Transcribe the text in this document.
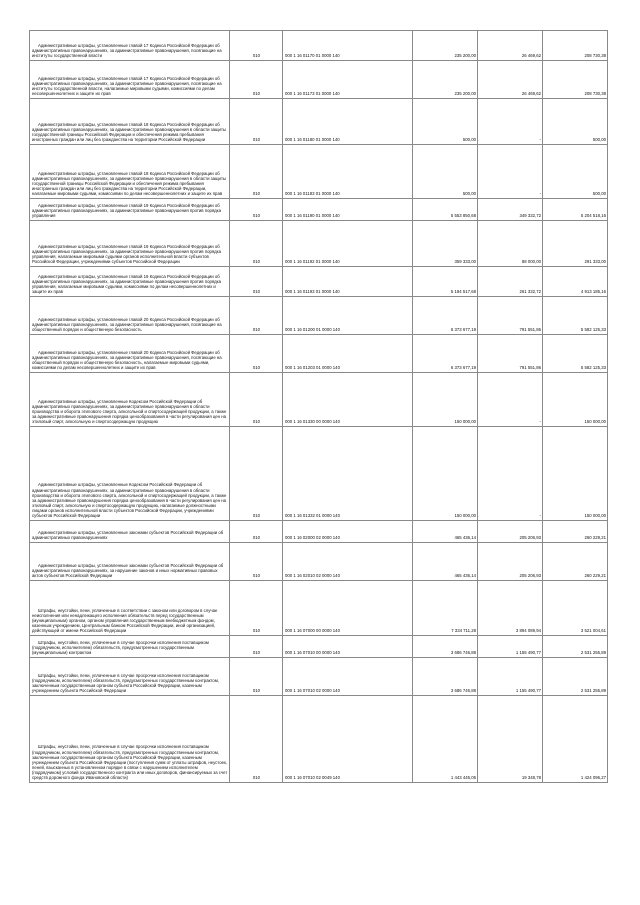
Административные штрафы, установленные главой 17 Кодекса Российской Федерации об административных правонарушениях, за административные правонарушения, посягающие на институты государственной власти	010	000 1 16 01170 01 0000 140	235 200,00	26 469,62	208 730,38
Административные штрафы, установленные главой 17 Кодекса Российской Федерации об административных правонарушениях, за административные правонарушения, посягающие на институты государственной власти, налагаемые мировыми судьями, комиссиями по делам несовершеннолетних и защите их прав	010	000 1 16 01173 01 0000 140	235 200,00	26 469,62	208 730,38
Административные штрафы, установленные главой 18 Кодекса Российской Федерации об административных правонарушениях, за административные правонарушения в области защиты государственной границы Российской Федерации и обеспечения режима пребывания иностранных граждан или лиц без гражданства на территории Российской Федерации	010	000 1 16 01180 01 0000 140	500,00	-	500,00
Административные штрафы, установленные главой 18 Кодекса Российской Федерации об административных правонарушениях, за административные правонарушения в области защиты государственной границы Российской Федерации и обеспечения режима пребывания иностранных граждан или лиц без гражданства на территории Российской Федерации, налагаемые мировыми судьями, комиссиями по делам несовершеннолетних и защите их прав	010	000 1 16 01183 01 0000 140	500,00	-	500,00
Административные штрафы, установленные главой 19 Кодекса Российской Федерации об административных правонарушениях, за административные правонарушения против порядка управления	010	000 1 16 01190 01 0000 140	5 553 850,68	349 332,72	5 204 518,16
Административные штрафы, установленные главой 19 Кодекса Российской Федерации об административных правонарушениях, за административные правонарушения против порядка управления, налагаемые мировыми судьями органов исполнительной власти субъектов Российской Федерации, учреждениями субъектов Российской Федерации	010	000 1 16 01192 01 0000 140	359 333,00	88 000,00	291 333,00
Административные штрафы, установленные главой 19 Кодекса Российской Федерации об административных правонарушениях, за административные правонарушения против порядка управления, налагаемые мировыми судьями, комиссиями по делам несовершеннолетних и защите их прав	010	000 1 16 01193 01 0000 140	5 194 517,68	261 332,72	4 913 185,16
Административные штрафы, установленные главой 20 Кодекса Российской Федерации об административных правонарушениях, за административные правонарушения, посягающие на общественный порядок и общественную безопасность	010	000 1 16 01200 01 0000 140	6 373 677,19	791 551,86	5 582 125,33
Административные штрафы, установленные главой 20 Кодекса Российской Федерации об административных правонарушениях, за административные правонарушения, посягающие на общественный порядок и общественную безопасность, налагаемые мировыми судьями, комиссиями по делам несовершеннолетних и защите их прав	010	000 1 16 01203 01 0000 140	6 373 677,19	791 551,86	5 582 125,33
Административные штрафы, установленные Кодексом Российской Федерации об административных правонарушениях, за административные правонарушения в области производства и оборота этилового спирта, алкогольной и спиртосодержащей продукции, а также за административные правонарушения порядка ценообразования в части регулирования цен на этиловый спирт, алкогольную и спиртосодержащую продукцию	010	000 1 16 01330 00 0000 140	150 000,00	-	150 000,00
Административные штрафы, установленные Кодексом Российской Федерации об административных правонарушениях, за административные правонарушения в области производства и оборота этилового спирта, алкогольной и спиртосодержащей продукции, а также за административные правонарушения порядка ценообразования в части регулирования цен на этиловый спирт, алкогольную и спиртосодержащую продукцию, налагаемые должностными лицами органов исполнительной власти субъектов Российской Федерации, учреждениями субъектов Российской Федерации	010	000 1 16 01332 01 0000 140	150 000,00	-	150 000,00
Административные штрафы, установленные законами субъектов Российской Федерации об административных правонарушениях	010	000 1 16 02000 02 0000 140	465 436,14	205 206,93	260 229,21
Административные штрафы, установленные законами субъектов Российской Федерации об административных правонарушениях, за нарушение законов и иных нормативных правовых актов субъектов Российской Федерации	010	000 1 16 02010 02 0000 140	465 436,14	205 206,93	260 229,21
Штрафы, неустойки, пени, уплаченные в соответствии с законом или договором в случае неисполнения или ненадлежащего исполнения обязательств перед государственным (муниципальным) органом, органом управления государственным внебюджетным фондом, казенным учреждением, Центральным банком Российской Федерации, иной организацией, действующей от имени Российской Федерации	010	000 1 16 07000 00 0000 140	7 334 711,28	3 894 089,94	3 521 004,61
Штрафы, неустойки, пени, уплаченные в случае просрочки исполнения поставщиком (подрядчиком, исполнителем) обязательств, предусмотренных государственным (муниципальным) контрактом	010	000 1 16 07010 00 0000 140	3 686 746,88	1 155 490,77	2 531 255,89
Штрафы, неустойки, пени, уплаченные в случае просрочки исполнения поставщиком (подрядчиком, исполнителем) обязательств, предусмотренных государственным контрактом, заключенным государственным органом субъекта Российской Федерации, казенным учреждением субъекта Российской Федерации	010	000 1 16 07010 02 0000 140	3 686 746,88	1 155 490,77	2 531 255,89
Штрафы, неустойки, пени, уплаченные в случае просрочки исполнения поставщиком (подрядчиком, исполнителем) обязательств, предусмотренных государственным контрактом, заключенным государственным органом субъекта Российской Федерации, казенным учреждением субъекта Российской Федерации (поступления сумм от уплаты штрафов, неустоек, пеней, взысканных в установленном порядке в связи с нарушением исполнителем (подрядчиком) условий государственного контракта или иных договоров, финансируемых за счет средств дорожного фонда Ивановской области)	010	000 1 16 07010 02 0049 140	1 443 445,05	19 348,78	1 424 096,27
